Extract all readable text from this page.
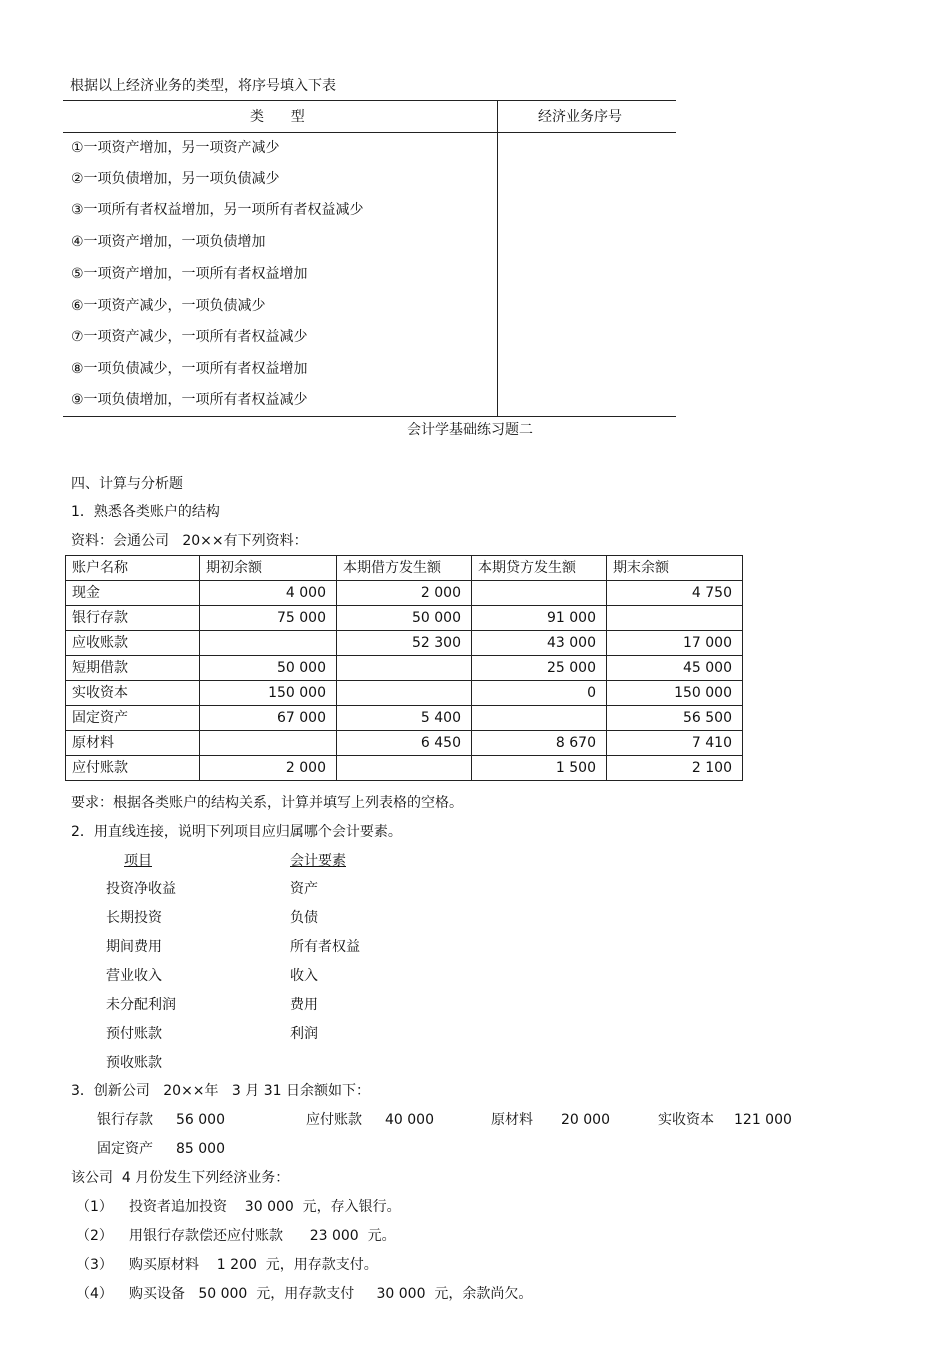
根据以上经济业务的类型，将序号填入下表
类      型	经济业务序号
①一项资产增加，另一项资产减少
②一项负债增加，另一项负债减少
③一项所有者权益增加，另一项所有者权益减少
④一项资产增加，一项负债增加
⑤一项资产增加，一项所有者权益增加
⑥一项资产减少，一项负债减少
⑦一项资产减少，一项所有者权益减少
⑧一项负债减少，一项所有者权益增加
⑨一项负债增加，一项所有者权益减少
会计学基础练习题二
四、计算与分析题
1．熟悉各类账户的结构
资料：会通公司   20××有下列资料：
账户名称	期初余额	本期借方发生额	本期贷方发生额	期末余额
现金	4 000	2 000		4 750
银行存款	75 000	50 000	91 000	
应收账款		52 300	43 000	17 000
短期借款	50 000		25 000	45 000
实收资本	150 000		0	150 000
固定资产	67 000	5 400		56 500
原材料		6 450	8 670	7 410
应付账款	2 000		1 500	2 100
要求：根据各类账户的结构关系，计算并填写上列表格的空格。
2．用直线连接，说明下列项目应归属哪个会计要素。
项目	会计要素
投资净收益
长期投资
期间费用
营业收入
未分配利润
预付账款
预收账款
资产
负债
所有者权益
收入
费用
利润
3．创新公司   20××年   3 月 31 日余额如下：
银行存款 56 000	应付账款 40 000	原材料 20 000	实收资本 121 000
固定资产 85 000
该公司  4 月份发生下列经济业务：
（1） 投资者追加投资    30 000  元，存入银行。
（2） 用银行存款偿还应付账款      23 000  元。
（3） 购买原材料    1 200  元，用存款支付。
（4） 购买设备   50 000  元，用存款支付     30 000  元，余款尚欠。
